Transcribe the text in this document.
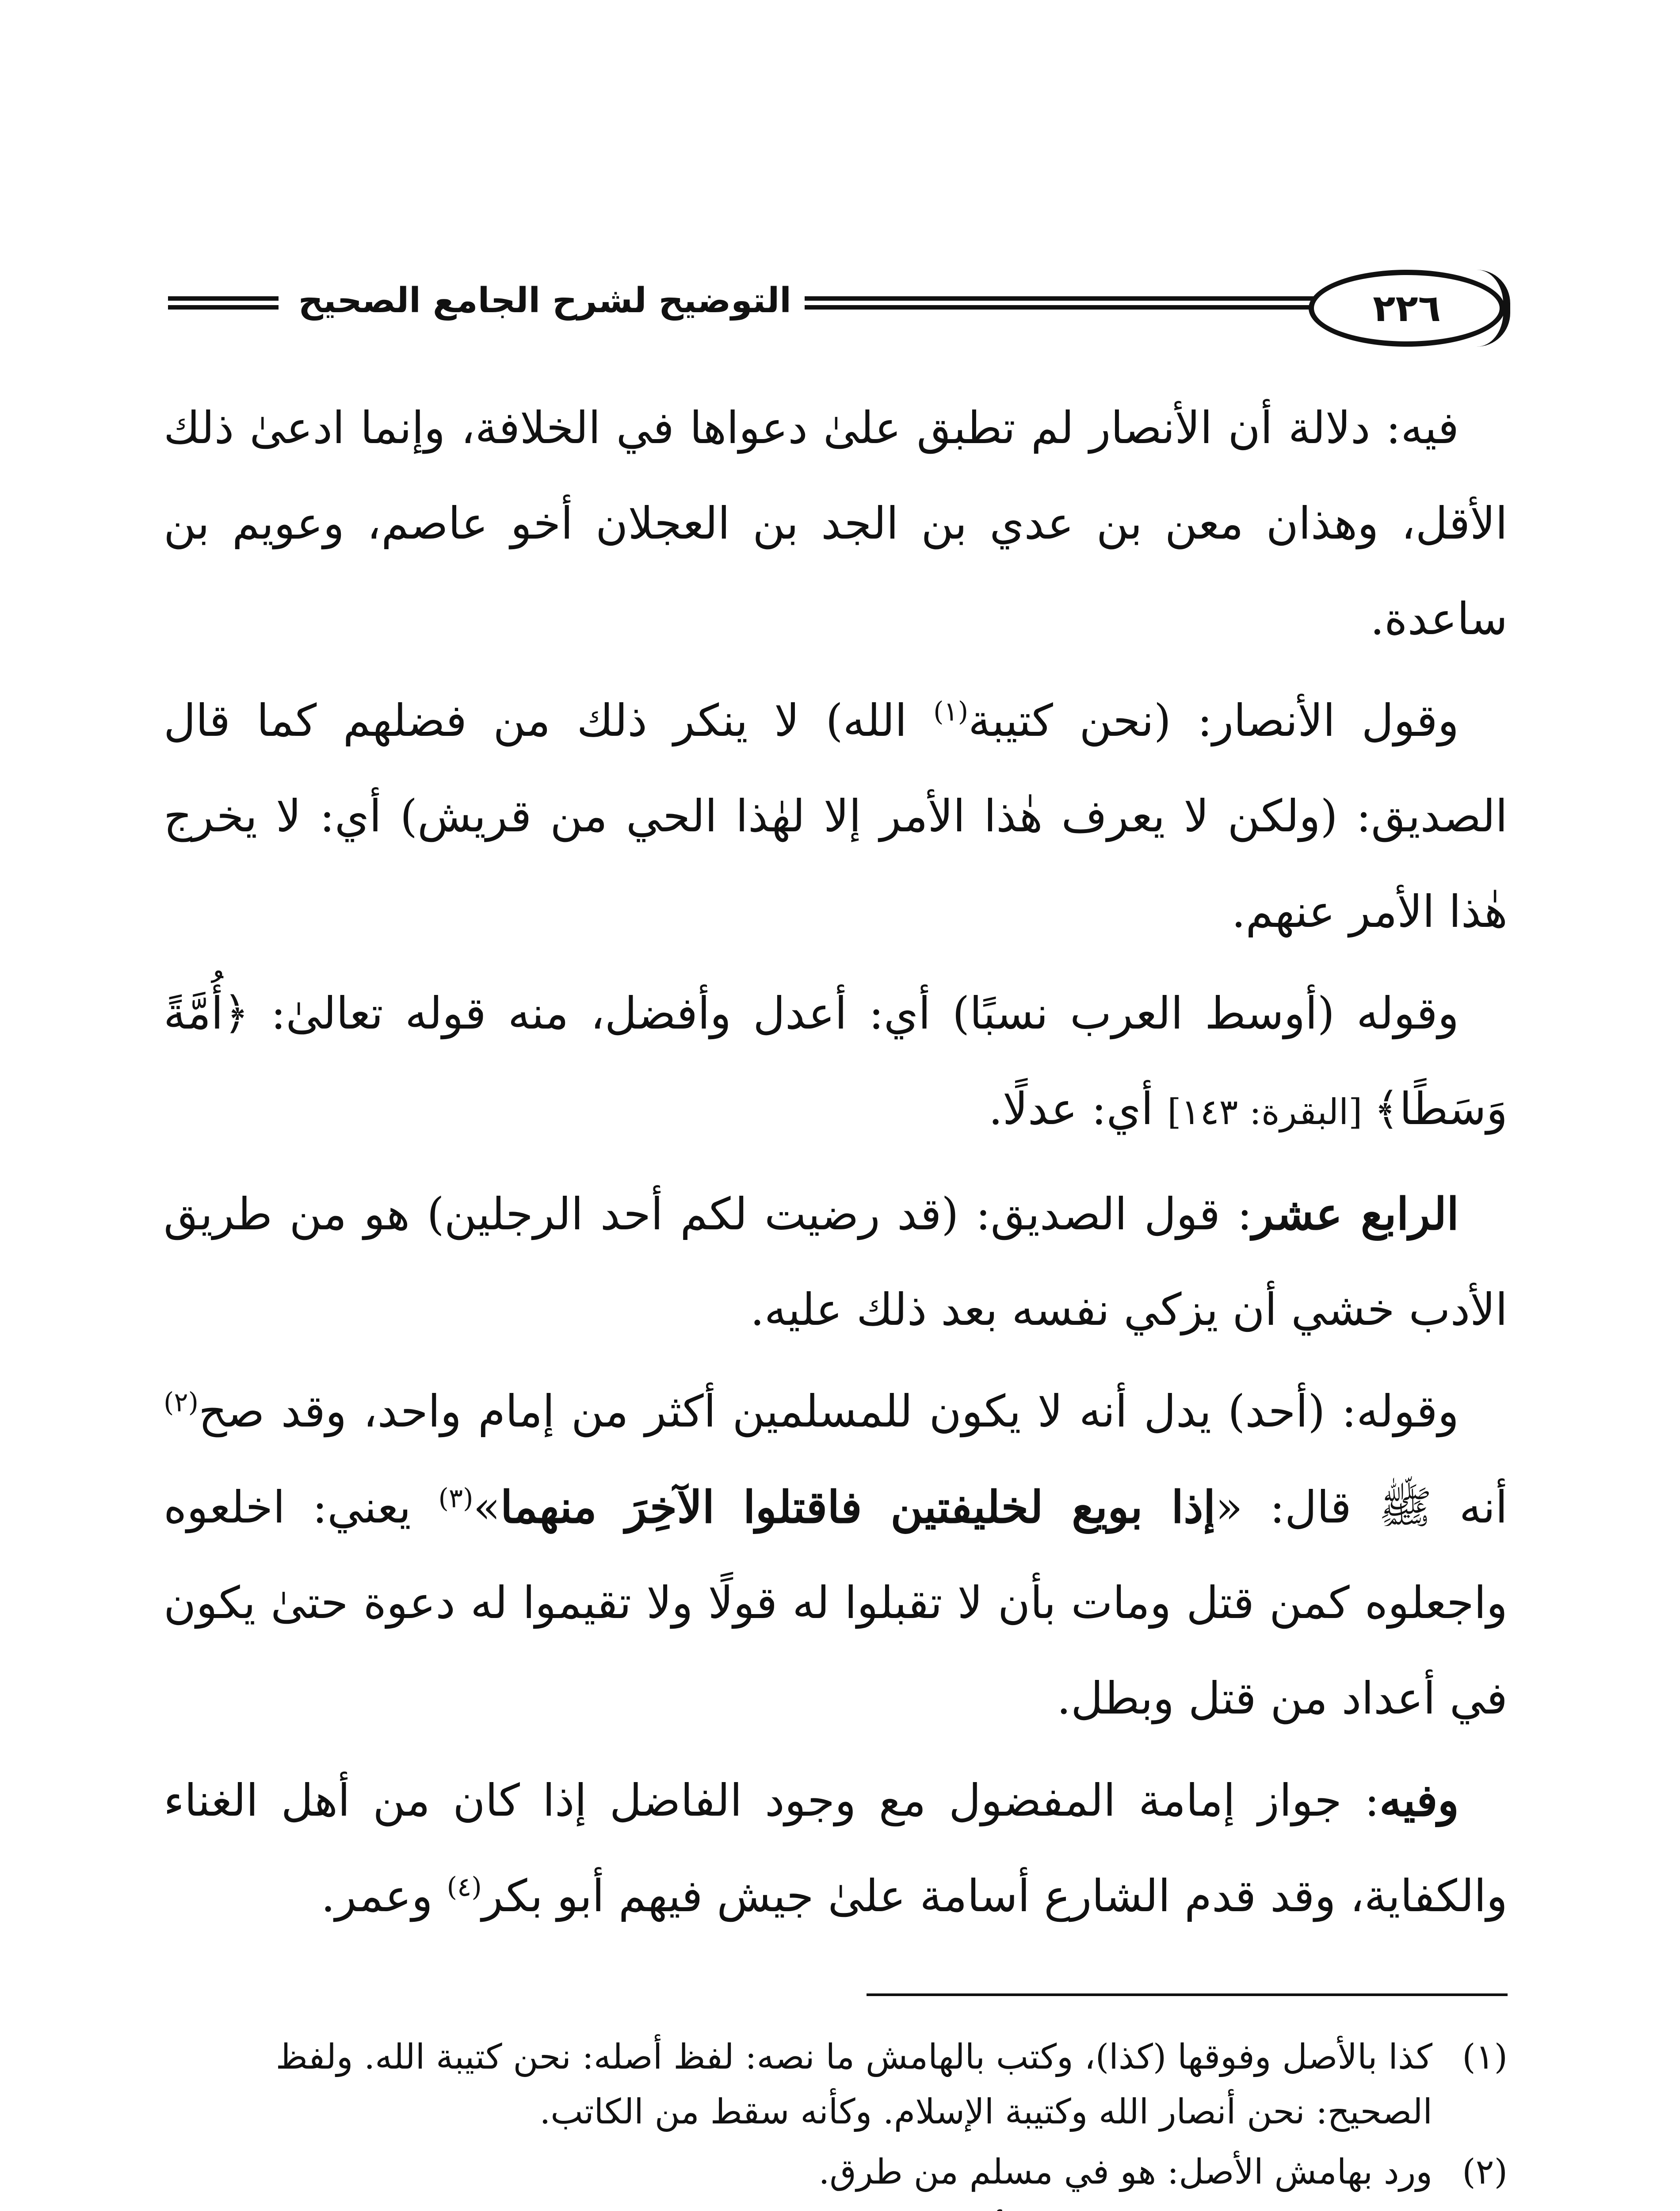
التوضيح لشرح الجامع الصحيح	٢٢٦

فيه: دلالة أن الأنصار لم تطبق علىٰ دعواها في الخلافة، وإنما ادعىٰ ذلك الأقل، وهذان معن بن عدي بن الجد بن العجلان أخو عاصم، وعويم بن ساعدة.

وقول الأنصار: (نحن كتيبة$^{(١)}$ الله) لا ينكر ذلك من فضلهم كما قال الصديق: (ولكن لا يعرف هٰذا الأمر إلا لهٰذا الحي من قريش) أي: لا يخرج هٰذا الأمر عنهم.

وقوله (أوسط العرب نسبًا) أي: أعدل وأفضل، منه قوله تعالىٰ: ﴿أُمَّةً وَسَطًا﴾ [البقرة: ١٤٣] أي: عدلًا.

الرابع عشر: قول الصديق: (قد رضيت لكم أحد الرجلين) هو من طريق الأدب خشي أن يزكي نفسه بعد ذلك عليه.

وقوله: (أحد) يدل أنه لا يكون للمسلمين أكثر من إمام واحد، وقد صح$^{(٢)}$ أنه ﷺ قال: «إذا بويع لخليفتين فاقتلوا الآخِرَ منهما»$^{(٣)}$ يعني: اخلعوه واجعلوه كمن قتل ومات بأن لا تقبلوا له قولًا ولا تقيموا له دعوة حتىٰ يكون في أعداد من قتل وبطل.

وفيه: جواز إمامة المفضول مع وجود الفاضل إذا كان من أهل الغناء والكفاية، وقد قدم الشارع أسامة علىٰ جيش فيهم أبو بكر$^{(٤)}$ وعمر.

(١)
كذا بالأصل وفوقها (كذا)، وكتب بالهامش ما نصه: لفظ أصله: نحن كتيبة الله. ولفظ الصحيح: نحن أنصار الله وكتيبة الإسلام. وكأنه سقط من الكاتب.
(٢)
ورد بهامش الأصل: هو في مسلم من طرق.
